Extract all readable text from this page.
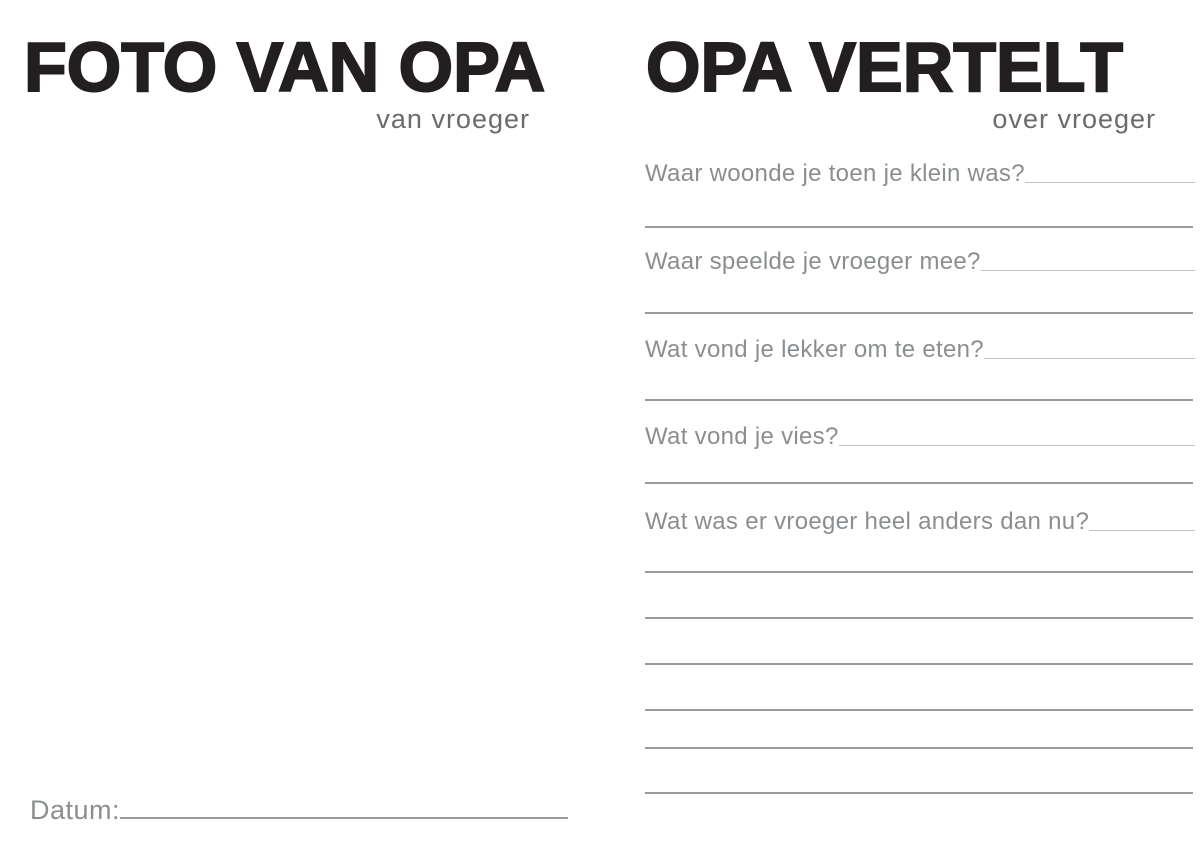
FOTO VAN OPA
van vroeger
Datum:
OPA VERTELT
over vroeger
Waar woonde je toen je klein was?
Waar speelde je vroeger mee?
Wat vond je lekker om te eten?
Wat vond je vies?
Wat was er vroeger heel anders dan nu?
